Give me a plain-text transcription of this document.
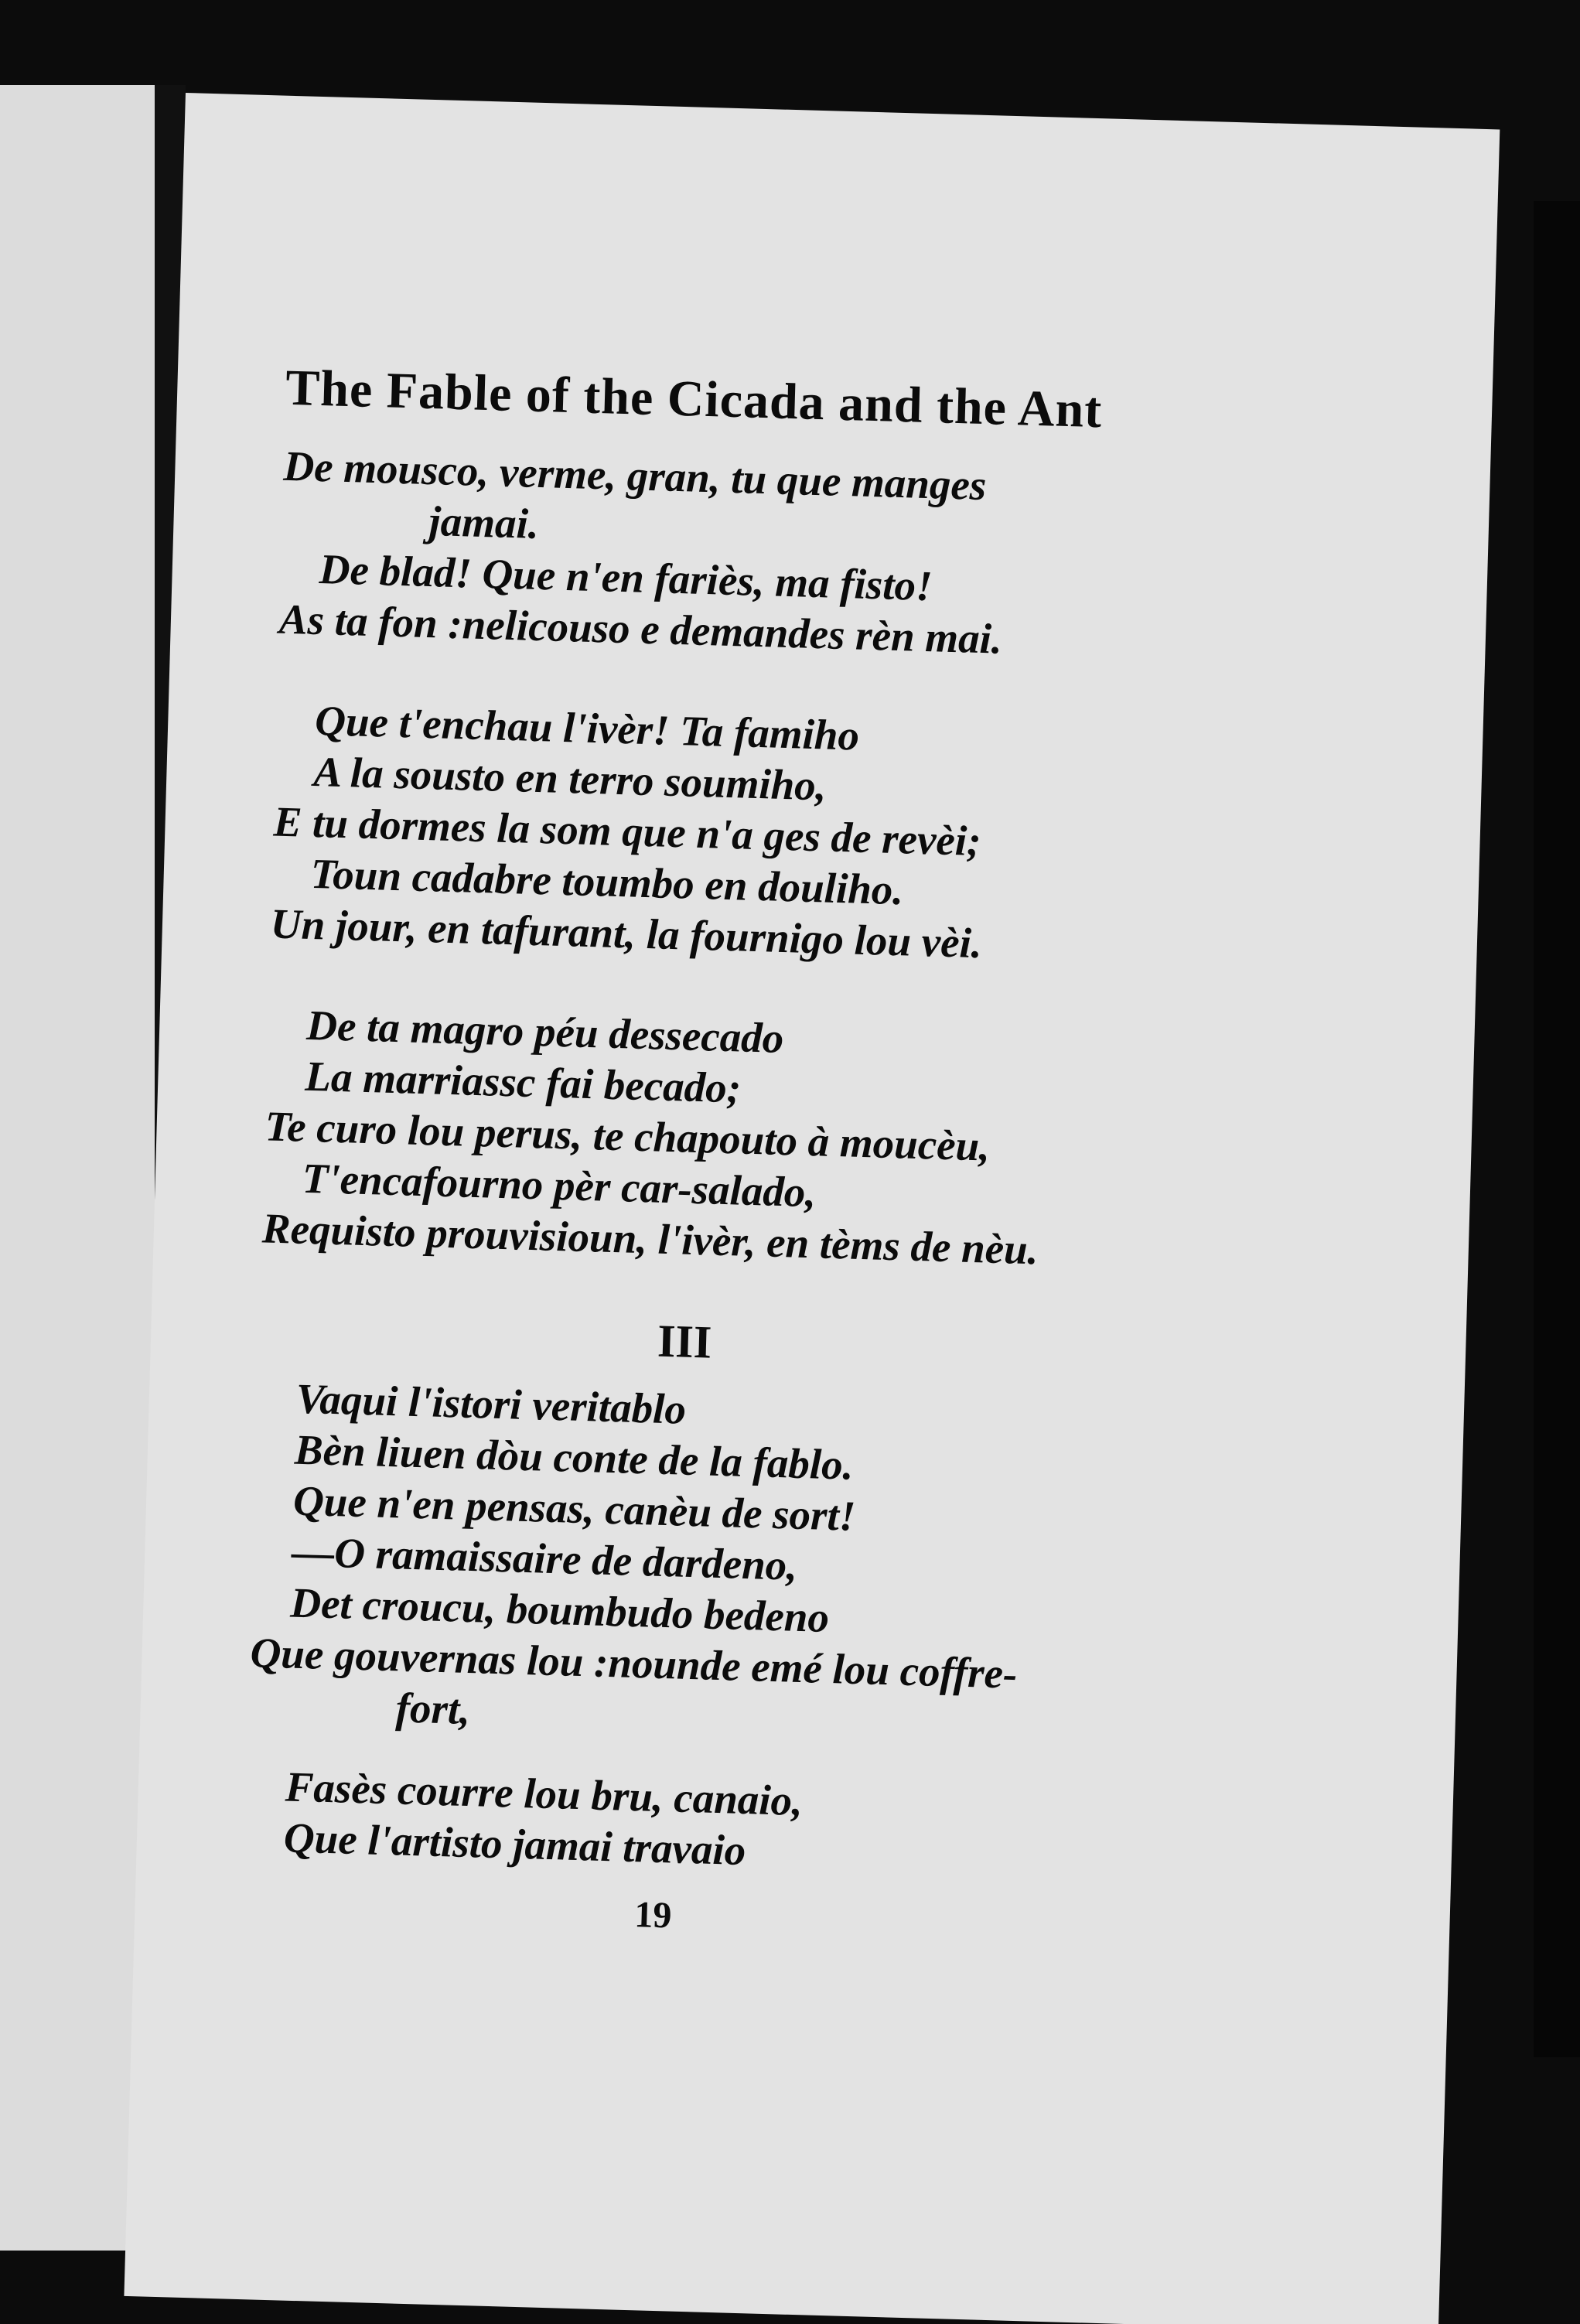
The Fable of the Cicada and the Ant
De mousco, verme, gran, tu que manges
jamai.
De blad! Que n'en fariès, ma fisto!
As ta fon :nelicouso e demandes rèn mai.
Que t'enchau l'ivèr! Ta famiho
A la sousto en terro soumiho,
E tu dormes la som que n'a ges de revèi;
Toun cadabre toumbo en douliho.
Un jour, en tafurant, la fournigo lou vèi.
De ta magro péu dessecado
La marriassc fai becado;
Te curo lou perus, te chapouto à moucèu,
T'encafourno pèr car-salado,
Requisto prouvisioun, l'ivèr, en tèms de nèu.
III
Vaqui l'istori veritablo
Bèn liuen dòu conte de la fablo.
Que n'en pensas, canèu de sort!
—O ramaissaire de dardeno,
Det croucu, boumbudo bedeno
Que gouvernas lou :nounde emé lou coffre-
fort,
Fasès courre lou bru, canaio,
Que l'artisto jamai travaio
19
